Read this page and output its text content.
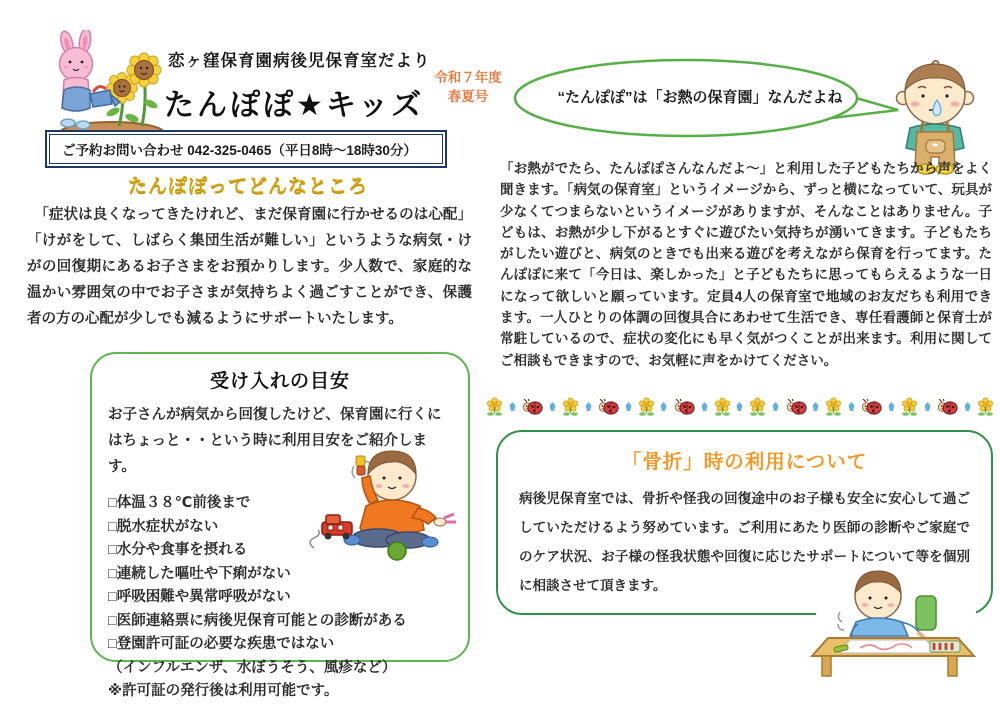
恋ヶ窪保育園病後児保育室だより
たんぽぽ★キッズ
令和７年度
春夏号
ご予約お問い合わせ 042-325-0465（平日8時～18時30分）
たんぽぽってどんなところ
　「症状は良くなってきたけれど、まだ保育園に行かせるのは心配」「けがをして、しばらく集団生活が難しい」というような病気・けがの回復期にあるお子さまをお預かりします。少人数で、家庭的な温かい雰囲気の中でお子さまが気持ちよく過ごすことができ、保護者の方の心配が少しでも減るようにサポートいたします。
受け入れの目安
お子さんが病気から回復したけど、保育園に行くにはちょっと・・という時に利用目安をご紹介します。
□体温３８℃前後まで
□脱水症状がない
□水分や食事を摂れる
□連続した嘔吐や下痢がない
□呼吸困難や異常呼吸がない
□医師連絡票に病後児保育可能との診断がある
□登園許可証の必要な疾患ではない
（インフルエンザ、水ぼうそう、風疹など）
※許可証の発行後は利用可能です。
“たんぽぽ”は「お熱の保育園」なんだよね
「お熱がでたら、たんぽぽさんなんだよ～」と利用した子どもたちから声をよく聞きます。「病気の保育室」というイメージから、ずっと横になっていて、玩具が少なくてつまらないというイメージがありますが、そんなことはありません。子どもは、お熱が少し下がるとすぐに遊びたい気持ちが湧いてきます。子どもたちがしたい遊びと、病気のときでも出来る遊びを考えながら保育を行ってます。たんぽぽに来て「今日は、楽しかった」と子どもたちに思ってもらえるような一日になって欲しいと願っています。定員4人の保育室で地域のお友だちも利用できます。一人ひとりの体調の回復具合にあわせて生活でき、専任看護師と保育士が常駐しているので、症状の変化にも早く気がつくことが出来ます。利用に関してご相談もできますので、お気軽に声をかけてください。
「骨折」時の利用について
病後児保育室では、骨折や怪我の回復途中のお子様も安全に安心して過ごしていただけるよう努めています。ご利用にあたり医師の診断やご家庭でのケア状況、お子様の怪我状態や回復に応じたサポートについて等を個別に相談させて頂きます。
